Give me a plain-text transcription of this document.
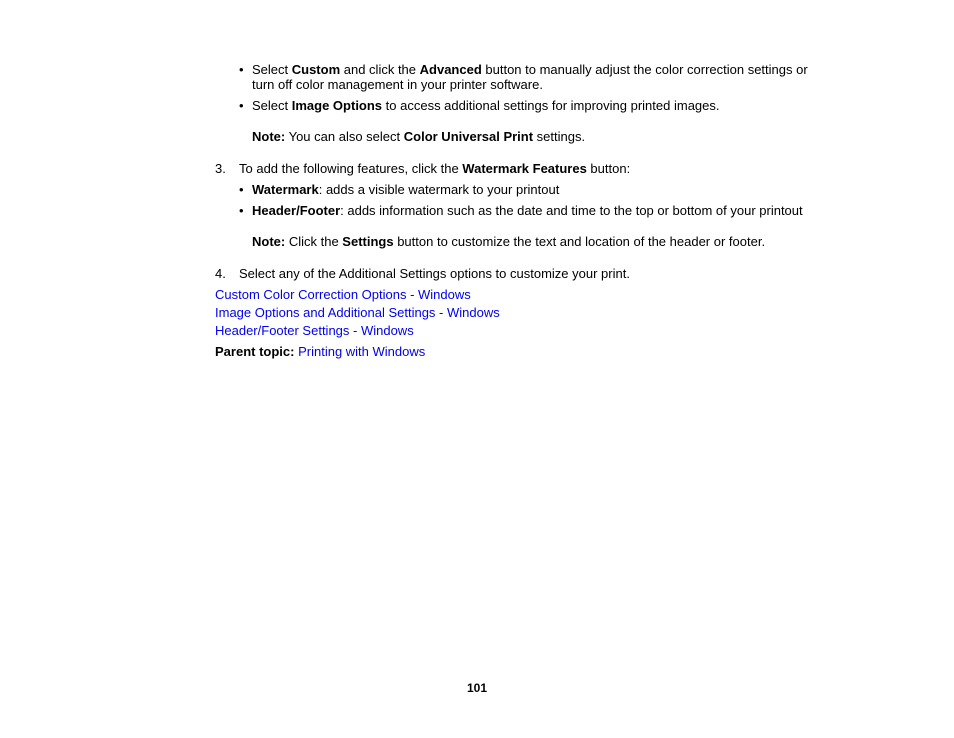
• Select Custom and click the Advanced button to manually adjust the color correction settings or
turn off color management in your printer software.
• Select Image Options to access additional settings for improving printed images.
Note: You can also select Color Universal Print settings.
3. To add the following features, click the Watermark Features button:
• Watermark: adds a visible watermark to your printout
• Header/Footer: adds information such as the date and time to the top or bottom of your printout
Note: Click the Settings button to customize the text and location of the header or footer.
4. Select any of the Additional Settings options to customize your print.
Custom Color Correction Options - Windows
Image Options and Additional Settings - Windows
Header/Footer Settings - Windows
Parent topic: Printing with Windows
101
